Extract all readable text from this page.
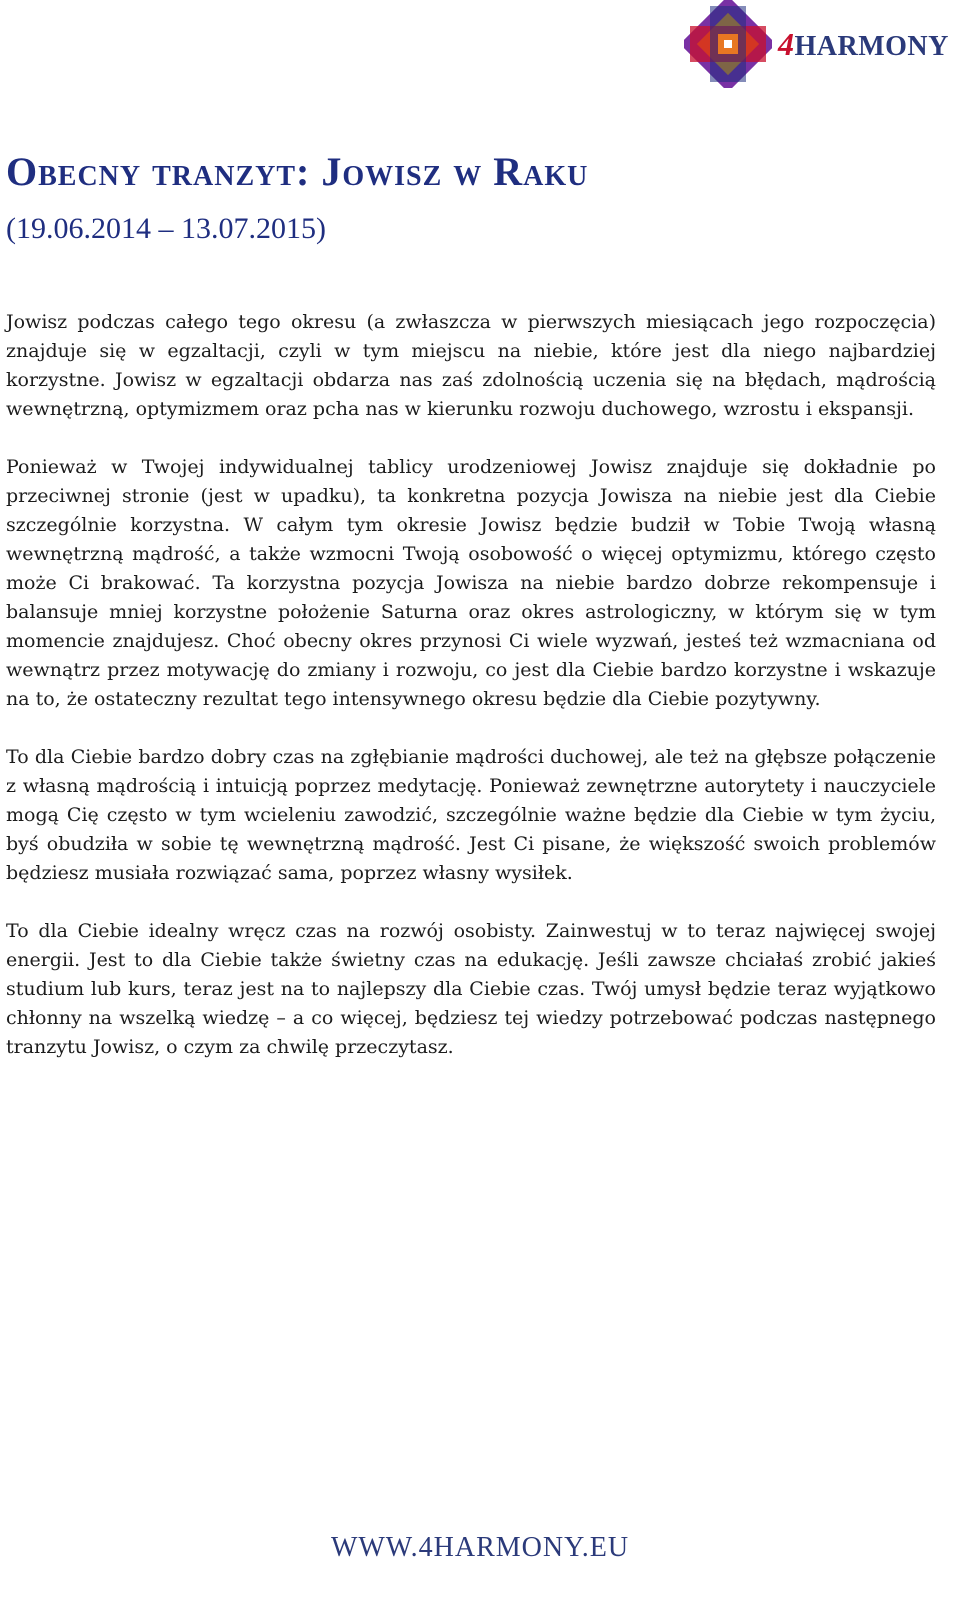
4HARMONY
Obecny tranzyt: Jowisz w Raku
(19.06.2014 – 13.07.2015)

Jowisz podczas całego tego okresu (a zwłaszcza w pierwszych miesiącach jego rozpoczęcia) znajduje się w egzaltacji, czyli w tym miejscu na niebie, które jest dla niego najbardziej korzystne. Jowisz w egzaltacji obdarza nas zaś zdolnością uczenia się na błędach, mądrością wewnętrzną, optymizmem oraz pcha nas w kierunku rozwoju duchowego, wzrostu i ekspansji.

Ponieważ w Twojej indywidualnej tablicy urodzeniowej Jowisz znajduje się dokładnie po przeciwnej stronie (jest w upadku), ta konkretna pozycja Jowisza na niebie jest dla Ciebie szczególnie korzystna. W całym tym okresie Jowisz będzie budził w Tobie Twoją własną wewnętrzną mądrość, a także wzmocni Twoją osobowość o więcej optymizmu, którego często może Ci brakować. Ta korzystna pozycja Jowisza na niebie bardzo dobrze rekompensuje i balansuje mniej korzystne położenie Saturna oraz okres astrologiczny, w którym się w tym momencie znajdujesz. Choć obecny okres przynosi Ci wiele wyzwań, jesteś też wzmacniana od wewnątrz przez motywację do zmiany i rozwoju, co jest dla Ciebie bardzo korzystne i wskazuje na to, że ostateczny rezultat tego intensywnego okresu będzie dla Ciebie pozytywny.

To dla Ciebie bardzo dobry czas na zgłębianie mądrości duchowej, ale też na głębsze połączenie z własną mądrością i intuicją poprzez medytację. Ponieważ zewnętrzne autorytety i nauczyciele mogą Cię często w tym wcieleniu zawodzić, szczególnie ważne będzie dla Ciebie w tym życiu, byś obudziła w sobie tę wewnętrzną mądrość. Jest Ci pisane, że większość swoich problemów będziesz musiała rozwiązać sama, poprzez własny wysiłek.

To dla Ciebie idealny wręcz czas na rozwój osobisty. Zainwestuj w to teraz najwięcej swojej energii. Jest to dla Ciebie także świetny czas na edukację. Jeśli zawsze chciałaś zrobić jakieś studium lub kurs, teraz jest na to najlepszy dla Ciebie czas. Twój umysł będzie teraz wyjątkowo chłonny na wszelką wiedzę – a co więcej, będziesz tej wiedzy potrzebować podczas następnego tranzytu Jowisz, o czym za chwilę przeczytasz.

WWW.4HARMONY.EU
